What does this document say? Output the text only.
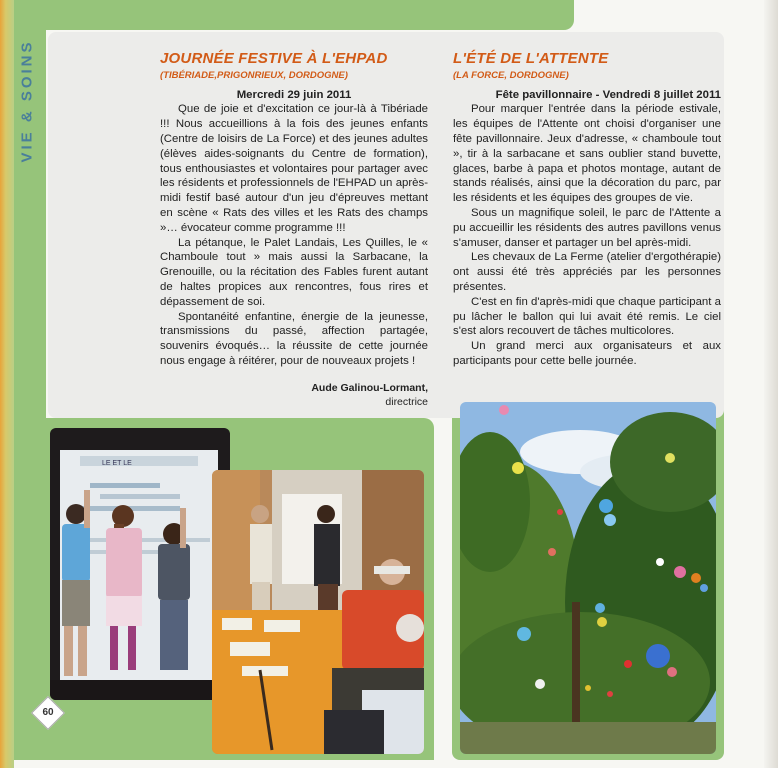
VIE & SOINS	JOURNÉE FESTIVE À L'EHPAD
(TIBÉRIADE,PRIGONRIEUX, DORDOGNE)
Mercredi 29 juin 2011

Que de joie et d'excitation ce jour-là à Tibériade !!! Nous accueillions à la fois des jeunes enfants (Centre de loisirs de La Force) et des jeunes adultes (élèves aides-soignants du Centre de formation), tous enthousiastes et volontaires pour partager avec les résidents et professionnels de l'EHPAD un après-midi festif basé autour d'un jeu d'épreuves mettant en scène « Rats des villes et les Rats des champs »… évocateur comme programme !!!

La pétanque, le Palet Landais, Les Quilles, le « Chamboule tout » mais aussi la Sarbacane, la Grenouille, ou la récitation des Fables furent autant de haltes propices aux rencontres, fous rires et dépassement de soi.

Spontanéité enfantine, énergie de la jeunesse, transmissions du passé, affection partagée, souvenirs évoqués… la réussite de cette journée nous engage à réitérer, pour de nouveaux projets !

Aude Galinou-Lormant,
directrice
L'ÉTÉ DE L'ATTENTE
(LA FORCE, DORDOGNE)
Fête pavillonnaire - Vendredi 8 juillet 2011

Pour marquer l'entrée dans la période estivale, les équipes de l'Attente ont choisi d'organiser une fête pavillonnaire. Jeux d'adresse, « chamboule tout », tir à la sarbacane et sans oublier stand buvette, glaces, barbe à papa et photos montage, autant de stands réalisés, ainsi que la décoration du parc, par les résidents et les équipes des groupes de vie.

Sous un magnifique soleil, le parc de l'Attente a pu accueillir les résidents des autres pavillons venus s'amuser, danser et partager un bel après-midi.

Les chevaux de La Ferme (atelier d'ergothérapie) ont aussi été très appréciés par les personnes présentes.

C'est en fin d'après-midi que chaque participant a pu lâcher le ballon qui lui avait été remis. Le ciel s'est alors recouvert de tâches multicolores.

Un grand merci aux organisateurs et aux participants pour cette belle journée.

LE ET LE
60
